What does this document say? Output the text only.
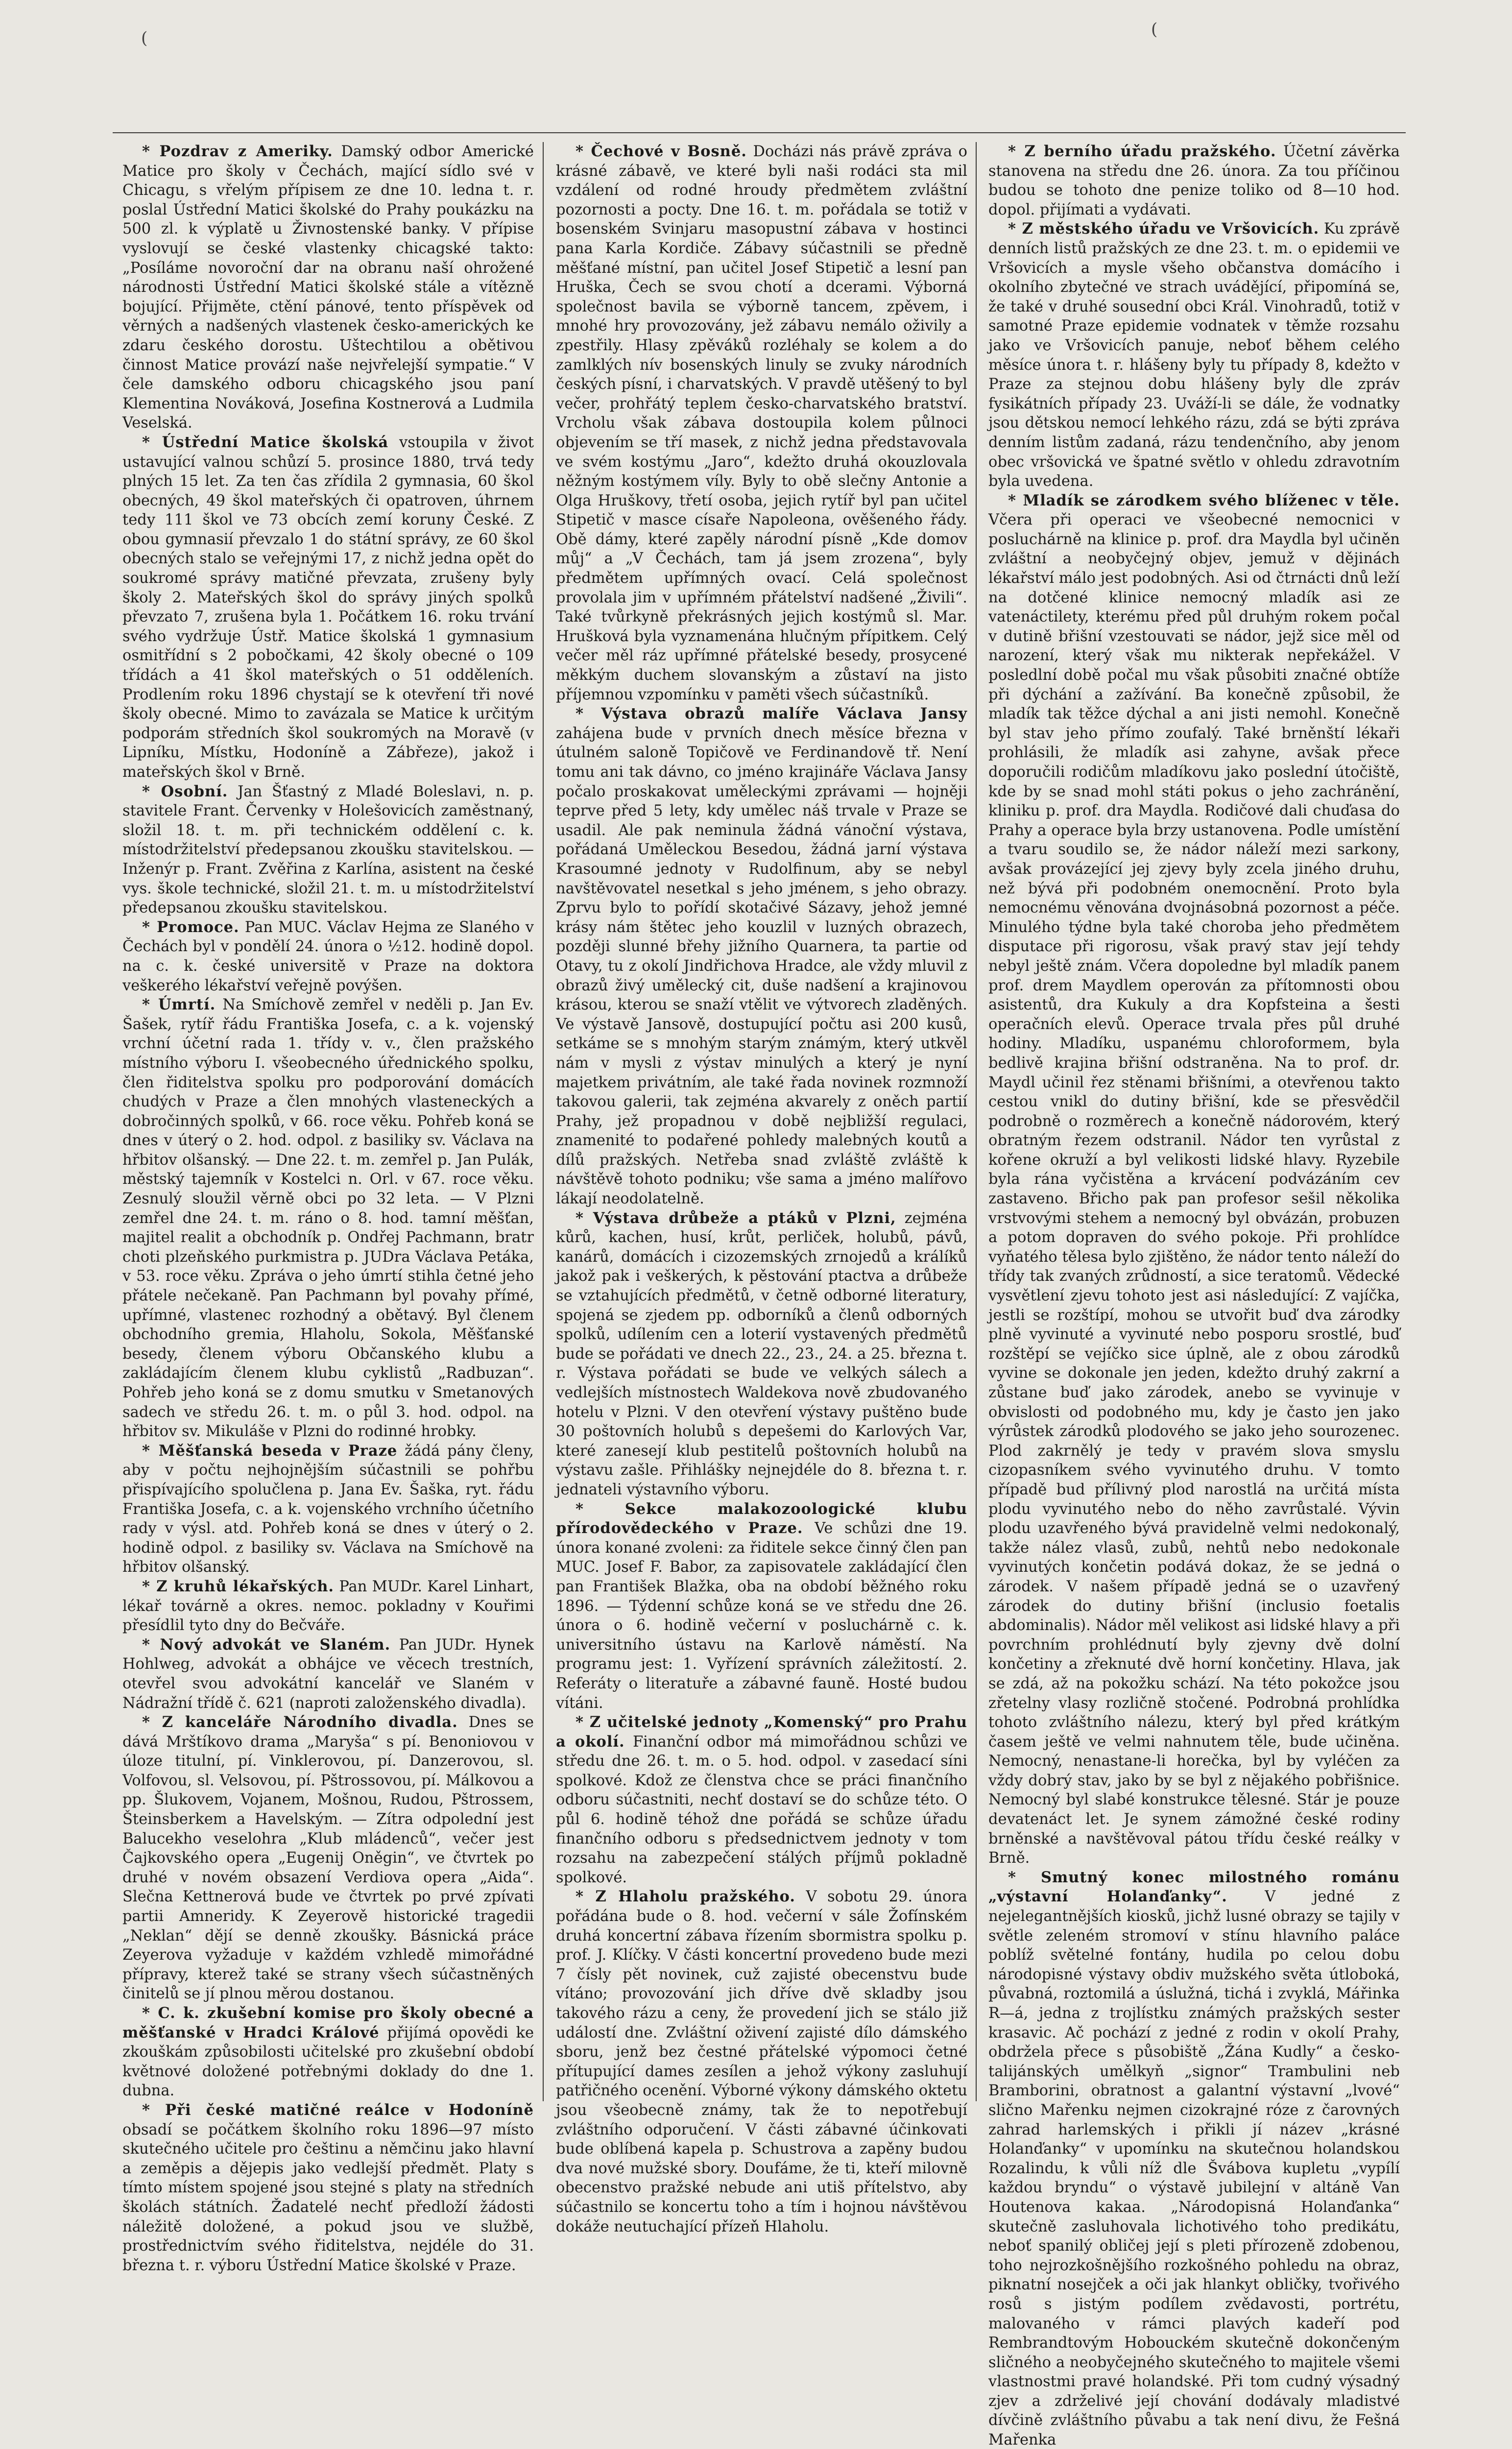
(	(

* Pozdrav z Ameriky. Damský odbor Americké Matice pro školy v Čechách, mající sídlo své v Chicagu, s vřelým přípisem ze dne 10. ledna t. r. poslal Ústřední Matici školské do Prahy poukázku na 500 zl. k výplatě u Živnostenské banky. V přípise vyslovují se české vlastenky chicagské takto: „Posíláme novoroční dar na obranu naší ohrožené národnosti Ústřední Matici školské stále a vítězně bojující. Přijměte, ctění pánové, tento příspěvek od věrných a nadšených vlastenek česko-amerických ke zdaru českého dorostu. Uštechtilou a obětivou činnost Matice provází naše nejvřelejší sympatie.“ V čele damského odboru chicagského jsou paní Klementina Nováková, Josefina Kostnerová a Ludmila Veselská.

* Ústřední Matice školská vstoupila v život ustavující valnou schůzí 5. prosince 1880, trvá tedy plných 15 let. Za ten čas zřídila 2 gymnasia, 60 škol obecných, 49 škol mateřských či opatroven, úhrnem tedy 111 škol ve 73 obcích zemí koruny České. Z obou gymnasií převzalo 1 do státní správy, ze 60 škol obecných stalo se veřejnými 17, z nichž jedna opět do soukromé správy matičné převzata, zrušeny byly školy 2. Mateřských škol do správy jiných spolků převzato 7, zrušena byla 1. Počátkem 16. roku trvání svého vydržuje Ústř. Matice školská 1 gymnasium osmitřídní s 2 pobočkami, 42 školy obecné o 109 třídách a 41 škol mateřských o 51 odděleních. Prodlením roku 1896 chystají se k otevření tři nové školy obecné. Mimo to zavázala se Matice k určitým podporám středních škol soukromých na Moravě (v Lipníku, Místku, Hodoníně a Zábřeze), jakož i mateřských škol v Brně.

* Osobní. Jan Šťastný z Mladé Boleslavi, n. p. stavitele Frant. Červenky v Holešovicích zaměstnaný, složil 18. t. m. při technickém oddělení c. k. místodržitelství předepsanou zkoušku stavitelskou. — Inženýr p. Frant. Zvěřina z Karlína, asistent na české vys. škole technické, složil 21. t. m. u místodržitelství předepsanou zkoušku stavitelskou.

* Promoce. Pan MUC. Václav Hejma ze Slaného v Čechách byl v pondělí 24. února o ½12. hodině dopol. na c. k. české universitě v Praze na doktora veškerého lékařství veřejně povýšen.

* Úmrtí. Na Smíchově zemřel v neděli p. Jan Ev. Šašek, rytíř řádu Františka Josefa, c. a k. vojenský vrchní účetní rada 1. třídy v. v., člen pražského místního výboru I. všeobecného úřednického spolku, člen řiditelstva spolku pro podporování domácích chudých v Praze a člen mnohých vlasteneckých a dobročinných spolků, v 66. roce věku. Pohřeb koná se dnes v úterý o 2. hod. odpol. z basiliky sv. Václava na hřbitov olšanský. — Dne 22. t. m. zemřel p. Jan Pulák, městský tajemník v Kostelci n. Orl. v 67. roce věku. Zesnulý sloužil věrně obci po 32 leta. — V Plzni zemřel dne 24. t. m. ráno o 8. hod. tamní měšťan, majitel realit a obchodník p. Ondřej Pachmann, bratr choti plzeňského purkmistra p. JUDra Václava Petáka, v 53. roce věku. Zpráva o jeho úmrtí stihla četné jeho přátele nečekaně. Pan Pachmann byl povahy přímé, upřímné, vlastenec rozhodný a obětavý. Byl členem obchodního gremia, Hlaholu, Sokola, Měšťanské besedy, členem výboru Občanského klubu a zakládajícím členem klubu cyklistů „Radbuzan“. Pohřeb jeho koná se z domu smutku v Smetanových sadech ve středu 26. t. m. o půl 3. hod. odpol. na hřbitov sv. Mikuláše v Plzni do rodinné hrobky.

* Měšťanská beseda v Praze žádá pány členy, aby v počtu nejhojnějším súčastnili se pohřbu přispívajícího spolučlena p. Jana Ev. Šaška, ryt. řádu Františka Josefa, c. a k. vojenského vrchního účetního rady v výsl. atd. Pohřeb koná se dnes v úterý o 2. hodině odpol. z basiliky sv. Václava na Smíchově na hřbitov olšanský.

* Z kruhů lékařských. Pan MUDr. Karel Linhart, lékař továrně a okres. nemoc. pokladny v Kouřimi přesídlil tyto dny do Bečváře.

* Nový advokát ve Slaném. Pan JUDr. Hynek Hohlweg, advokát a obhájce ve věcech trestních, otevřel svou advokátní kancelář ve Slaném v Nádražní třídě č. 621 (naproti založenského divadla).

* Z kanceláře Národního divadla. Dnes se dává Mrštíkovo drama „Maryša“ s pí. Benoniovou v úloze titulní, pí. Vinklerovou, pí. Danzerovou, sl. Volfovou, sl. Velsovou, pí. Pštrossovou, pí. Málkovou a pp. Šlukovem, Vojanem, Mošnou, Rudou, Pštrossem, Šteinsberkem a Havelským. — Zítra odpolední jest Balucekho veselohra „Klub mládenců“, večer jest Čajkovského opera „Eugenij Oněgin“, ve čtvrtek po druhé v novém obsazení Verdiova opera „Aida“. Slečna Kettnerová bude ve čtvrtek po prvé zpívati partii Amneridy. K Zeyerově historické tragedii „Neklan“ dějí se denně zkoušky. Básnická práce Zeyerova vyžaduje v každém vzhledě mimořádné přípravy, kterež také se strany všech súčastněných činitelů se jí plnou měrou dostanou.

* C. k. zkušební komise pro školy obecné a měšťanské v Hradci Králové přijímá opovědi ke zkouškám způsobilosti učitelské pro zkušební období květnové doložené potřebnými doklady do dne 1. dubna.

* Při české matičné reálce v Hodoníně obsadí se počátkem školního roku 1896—97 místo skutečného učitele pro češtinu a němčinu jako hlavní a zeměpis a dějepis jako vedlejší předmět. Platy s tímto místem spojené jsou stejné s platy na středních školách státních. Žadatelé nechť předloží žádosti náležitě doložené, a pokud jsou ve službě, prostřednictvím svého řiditelstva, nejdéle do 31. března t. r. výboru Ústřední Matice školské v Praze.

* Čechové v Bosně. Docházi nás právě zpráva o krásné zábavě, ve které byli naši rodáci sta mil vzdálení od rodné hroudy předmětem zvláštní pozornosti a pocty. Dne 16. t. m. pořádala se totiž v bosenském Svinjaru masopustní zábava v hostinci pana Karla Kordiče. Zábavy súčastnili se předně měšťané místní, pan učitel Josef Stipetič a lesní pan Hruška, Čech se svou chotí a dcerami. Výborná společnost bavila se výborně tancem, zpěvem, i mnohé hry provozovány, jež zábavu nemálo oživily a zpestřily. Hlasy zpěváků rozléhaly se kolem a do zamlklých nív bosenských linuly se zvuky národních českých písní, i charvatských. V pravdě utěšený to byl večer, prohřátý teplem česko-charvatského bratství. Vrcholu však zábava dostoupila kolem půlnoci objevením se tří masek, z nichž jedna představovala ve svém kostýmu „Jaro“, kdežto druhá okouzlovala něžným kostýmem víly. Byly to obě slečny Antonie a Olga Hruškovy, třetí osoba, jejich rytíř byl pan učitel Stipetič v masce císaře Napoleona, ověšeného řády. Obě dámy, které zapěly národní písně „Kde domov můj“ a „V Čechách, tam já jsem zrozena“, byly předmětem upřímných ovací. Celá společnost provolala jim v upřímném přátelství nadšené „Živili“. Také tvůrkyně překrásných jejich kostýmů sl. Mar. Hrušková byla vyznamenána hlučným přípitkem. Celý večer měl ráz upřímné přátelské besedy, prosycené měkkým duchem slovanským a zůstaví na jisto příjemnou vzpomínku v paměti všech súčastníků.

* Výstava obrazů malíře Václava Jansy zahájena bude v prvních dnech měsíce března v útulném saloně Topičově ve Ferdinandově tř. Není tomu ani tak dávno, co jméno krajináře Václava Jansy počalo proskakovat uměleckými zprávami — hojněji teprve před 5 lety, kdy umělec náš trvale v Praze se usadil. Ale pak neminula žádná vánoční výstava, pořádaná Uměleckou Besedou, žádná jarní výstava Krasoumné jednoty v Rudolfinum, aby se nebyl navštěvovatel nesetkal s jeho jménem, s jeho obrazy. Zprvu bylo to pořídí skotačivé Sázavy, jehož jemné krásy nám štětec jeho kouzlil v luzných obrazech, později slunné břehy jižního Quarnera, ta partie od Otavy, tu z okolí Jindřichova Hradce, ale vždy mluvil z obrazů živý umělecký cit, duše nadšení a krajinovou krásou, kterou se snaží vtělit ve výtvorech zladěných. Ve výstavě Jansově, dostupující počtu asi 200 kusů, setkáme se s mnohým starým známým, který utkvěl nám v mysli z výstav minulých a který je nyní majetkem privátním, ale také řada novinek rozmnoží takovou galerii, tak zejména akvarely z oněch partií Prahy, jež propadnou v době nejbližší regulaci, znamenité to podařené pohledy malebných koutů a dílů pražských. Netřeba snad zvláště zvláště k návštěvě tohoto podniku; vše sama a jméno malířovo lákají neodolatelně.

* Výstava drůbeže a ptáků v Plzni, zejména kůrů, kachen, husí, krůt, perliček, holubů, pávů, kanárů, domácích i cizozemských zrnojedů a králíků jakož pak i veškerých, k pěstování ptactva a drůbeže se vztahujících předmětů, v četně odborné literatury, spojená se zjedem pp. odborníků a členů odborných spolků, udílením cen a loterií vystavených předmětů bude se pořádati ve dnech 22., 23., 24. a 25. března t. r. Výstava pořádati se bude ve velkých sálech a vedlejších místnostech Waldekova nově zbudovaného hotelu v Plzni. V den otevření výstavy puštěno bude 30 poštovních holubů s depešemi do Karlových Var, které zanesejí klub pestitelů poštovních holubů na výstavu zašle. Přihlášky nejnejdéle do 8. března t. r. jednateli výstavního výboru.

* Sekce malakozoologické klubu přírodovědeckého v Praze. Ve schůzi dne 19. února konané zvoleni: za řiditele sekce činný člen pan MUC. Josef F. Babor, za zapisovatele zakládající člen pan František Blažka, oba na období běžného roku 1896. — Týdenní schůze koná se ve středu dne 26. února o 6. hodině večerní v posluchárně c. k. universitního ústavu na Karlově náměstí. Na programu jest: 1. Vyřízení správních záležitostí. 2. Referáty o literatuře a zábavné fauně. Hosté budou vítáni.

* Z učitelské jednoty „Komenský“ pro Prahu a okolí. Finanční odbor má mimořádnou schůzi ve středu dne 26. t. m. o 5. hod. odpol. v zasedací síni spolkové. Kdož ze členstva chce se práci finančního odboru súčastniti, nechť dostaví se do schůze této. O půl 6. hodině téhož dne pořádá se schůze úřadu finančního odboru s předsednictvem jednoty v tom rozsahu na zabezpečení stálých příjmů pokladně spolkové.

* Z Hlaholu pražského. V sobotu 29. února pořádána bude o 8. hod. večerní v sále Žofínském druhá koncertní zábava řízením sbormistra spolku p. prof. J. Klíčky. V části koncertní provedeno bude mezi 7 čísly pět novinek, cuž zajisté obecenstvu bude vítáno; provozování jich dříve dvě skladby jsou takového rázu a ceny, že provedení jich se stálo již událostí dne. Zvláštní oživení zajisté dílo dámského sboru, jenž bez čestné přátelské výpomoci četné přítupující dames zesílen a jehož výkony zasluhují patřičného ocenění. Výborné výkony dámského oktetu jsou všeobecně známy, tak že to nepotřebují zvláštního odporučení. V části zábavné účinkovati bude oblíbená kapela p. Schustrova a zapěny budou dva nové mužské sbory. Doufáme, že ti, kteří milovně obecenstvo pražské nebude ani utiš přítelstvo, aby súčastnilo se koncertu toho a tím i hojnou návštěvou dokáže neutuchající přízeň Hlaholu.

* Z berního úřadu pražského. Účetní závěrka stanovena na středu dne 26. února. Za tou příčinou budou se tohoto dne penize toliko od 8—10 hod. dopol. přijímati a vydávati.

* Z městského úřadu ve Vršovicích. Ku zprávě denních listů pražských ze dne 23. t. m. o epidemii ve Vršovicích a mysle všeho občanstva domácího i okolního zbytečné ve strach uvádějící, připomíná se, že také v druhé sousední obci Král. Vinohradů, totiž v samotné Praze epidemie vodnatek v těmže rozsahu jako ve Vršovicích panuje, neboť během celého měsíce února t. r. hlášeny byly tu případy 8, kdežto v Praze za stejnou dobu hlášeny byly dle zpráv fysikátních případy 23. Uváží-li se dále, že vodnatky jsou dětskou nemocí lehkého rázu, zdá se býti zpráva denním listům zadaná, rázu tendenčního, aby jenom obec vršovická ve špatné světlo v ohledu zdravotním byla uvedena.

* Mladík se zárodkem svého blíženec v těle. Včera při operaci ve všeobecné nemocnici v posluchárně na klinice p. prof. dra Maydla byl učiněn zvláštní a neobyčejný objev, jemuž v dějinách lékařství málo jest podobných. Asi od čtrnácti dnů leží na dotčené klinice nemocný mladík asi ze vatenáctilety, kterému před půl druhým rokem počal v dutině břišní vzestouvati se nádor, jejž sice měl od narození, který však mu nikterak nepřekážel. V posledlní době počal mu však působiti značné obtíže při dýchání a zažívání. Ba konečně způsobil, že mladík tak těžce dýchal a ani jisti nemohl. Konečně byl stav jeho přímo zoufalý. Také brněnští lékaři prohlásili, že mladík asi zahyne, avšak přece doporučili rodičům mladíkovu jako poslední útočiště, kde by se snad mohl státi pokus o jeho zachránění, kliniku p. prof. dra Maydla. Rodičové dali chuďasa do Prahy a operace byla brzy ustanovena. Podle umístění a tvaru soudilo se, že nádor náleží mezi sarkony, avšak provázející jej zjevy byly zcela jiného druhu, než bývá při podobném onemocnění. Proto byla nemocnému věnována dvojnásobná pozornost a péče. Minulého týdne byla také choroba jeho předmětem disputace při rigorosu, však pravý stav její tehdy nebyl ještě znám. Včera dopoledne byl mladík panem prof. drem Maydlem operován za přítomnosti obou asistentů, dra Kukuly a dra Kopfsteina a šesti operačních elevů. Operace trvala přes půl druhé hodiny. Mladíku, uspanému chloroformem, byla bedlivě krajina břišní odstraněna. Na to prof. dr. Maydl učinil řez stěnami břišními, a otevřenou takto cestou vnikl do dutiny břišní, kde se přesvědčil podrobně o rozměrech a konečně nádorovém, který obratným řezem odstranil. Nádor ten vyrůstal z kořene okruží a byl velikosti lidské hlavy. Ryzebile byla rána vyčistěna a krvácení podvázáním cev zastaveno. Břicho pak pan profesor sešil několika vrstvovými stehem a nemocný byl obvázán, probuzen a potom dopraven do svého pokoje. Při prohlídce vyňatého tělesa bylo zjištěno, že nádor tento náleží do třídy tak zvaných zrůdností, a sice teratomů. Vědecké vysvětlení zjevu tohoto jest asi následující: Z vajíčka, jestli se rozštípí, mohou se utvořit buď dva zárodky plně vyvinuté a vyvinuté nebo posporu srostlé, buď rozštěpí se vejíčko sice úplně, ale z obou zárodků vyvine se dokonale jen jeden, kdežto druhý zakrní a zůstane buď jako zárodek, anebo se vyvinuje v obvislosti od podobného mu, kdy je často jen jako výrůstek zárodků plodového se jako jeho sourozenec. Plod zakrnělý je tedy v pravém slova smyslu cizopasníkem svého vyvinutého druhu. V tomto případě bud přílivný plod narostlá na určitá místa plodu vyvinutého nebo do něho zavrůstalé. Vývin plodu uzavřeného bývá pravidelně velmi nedokonalý, takže nález vlasů, zubů, nehtů nebo nedokonale vyvinutých končetin podává dokaz, že se jedná o zárodek. V našem případě jedná se o uzavřený zárodek do dutiny břišní (inclusio foetalis abdominalis). Nádor měl velikost asi lidské hlavy a při povrchním prohlédnutí byly zjevny dvě dolní končetiny a zřeknuté dvě horní končetiny. Hlava, jak se zdá, až na pokožku schází. Na této pokožce jsou zřetelny vlasy rozličně stočené. Podrobná prohlídka tohoto zvláštního nálezu, který byl před krátkým časem ještě ve velmi nahnutem těle, bude učiněna. Nemocný, nenastane-li horečka, byl by vyléčen za vždy dobrý stav, jako by se byl z nějakého pobřišnice. Nemocný byl slabé konstrukce tělesné. Stár je pouze devatenáct let. Je synem zámožné české rodiny brněnské a navštěvoval pátou třídu české reálky v Brně.

* Smutný konec milostného románu „výstavní Holanďanky“. V jedné z nejelegantnějších kiosků, jichž lusné obrazy se tajily v světle zeleném stromoví v stínu hlavního paláce poblíž světelné fontány, hudila po celou dobu národopisné výstavy obdiv mužského světa útloboká, půvabná, roztomilá a úslužná, tichá i zvyklá, Mářinka R—á, jedna z trojlístku známých pražských sester krasavic. Ač pochází z jedné z rodin v okolí Prahy, obdržela přece s působiště „Žána Kudly“ a česko-talijánských umělkyň „signor“ Trambulini neb Bramborini, obratnost a galantní výstavní „lvové“ slično Mařenku nejmen cizokrajné róze z čarovných zahrad harlemských i přikli jí název „krásné Holanďanky“ v upomínku na skutečnou holandskou Rozalindu, k vůli níž dle Švábova kupletu „vypílí každou bryndu“ o výstavě jubilejní v altáně Van Houtenova kakaa. „Národopisná Holanďanka“ skutečně zasluhovala lichotivého toho predikátu, neboť spanilý obličej její s pleti přírozeně zdobenou, toho nejrozkošnějšího rozkošného pohledu na obraz, piknatní nosejček a oči jak hlankyt obličky, tvořivého rosů s jistým podílem zvědavosti, portrétu, malovaného v rámci plavých kadeří pod Rembrandtovým Hobouckém skutečně dokončeným sličného a neobyčejného skutečného to majitele všemi vlastnostmi pravé holandské. Při tom cudný výsadný zjev a zdrželivé její chování dodávaly mladistvé dívčině zvláštního půvabu a tak není divu, že Fešná Mařenka
